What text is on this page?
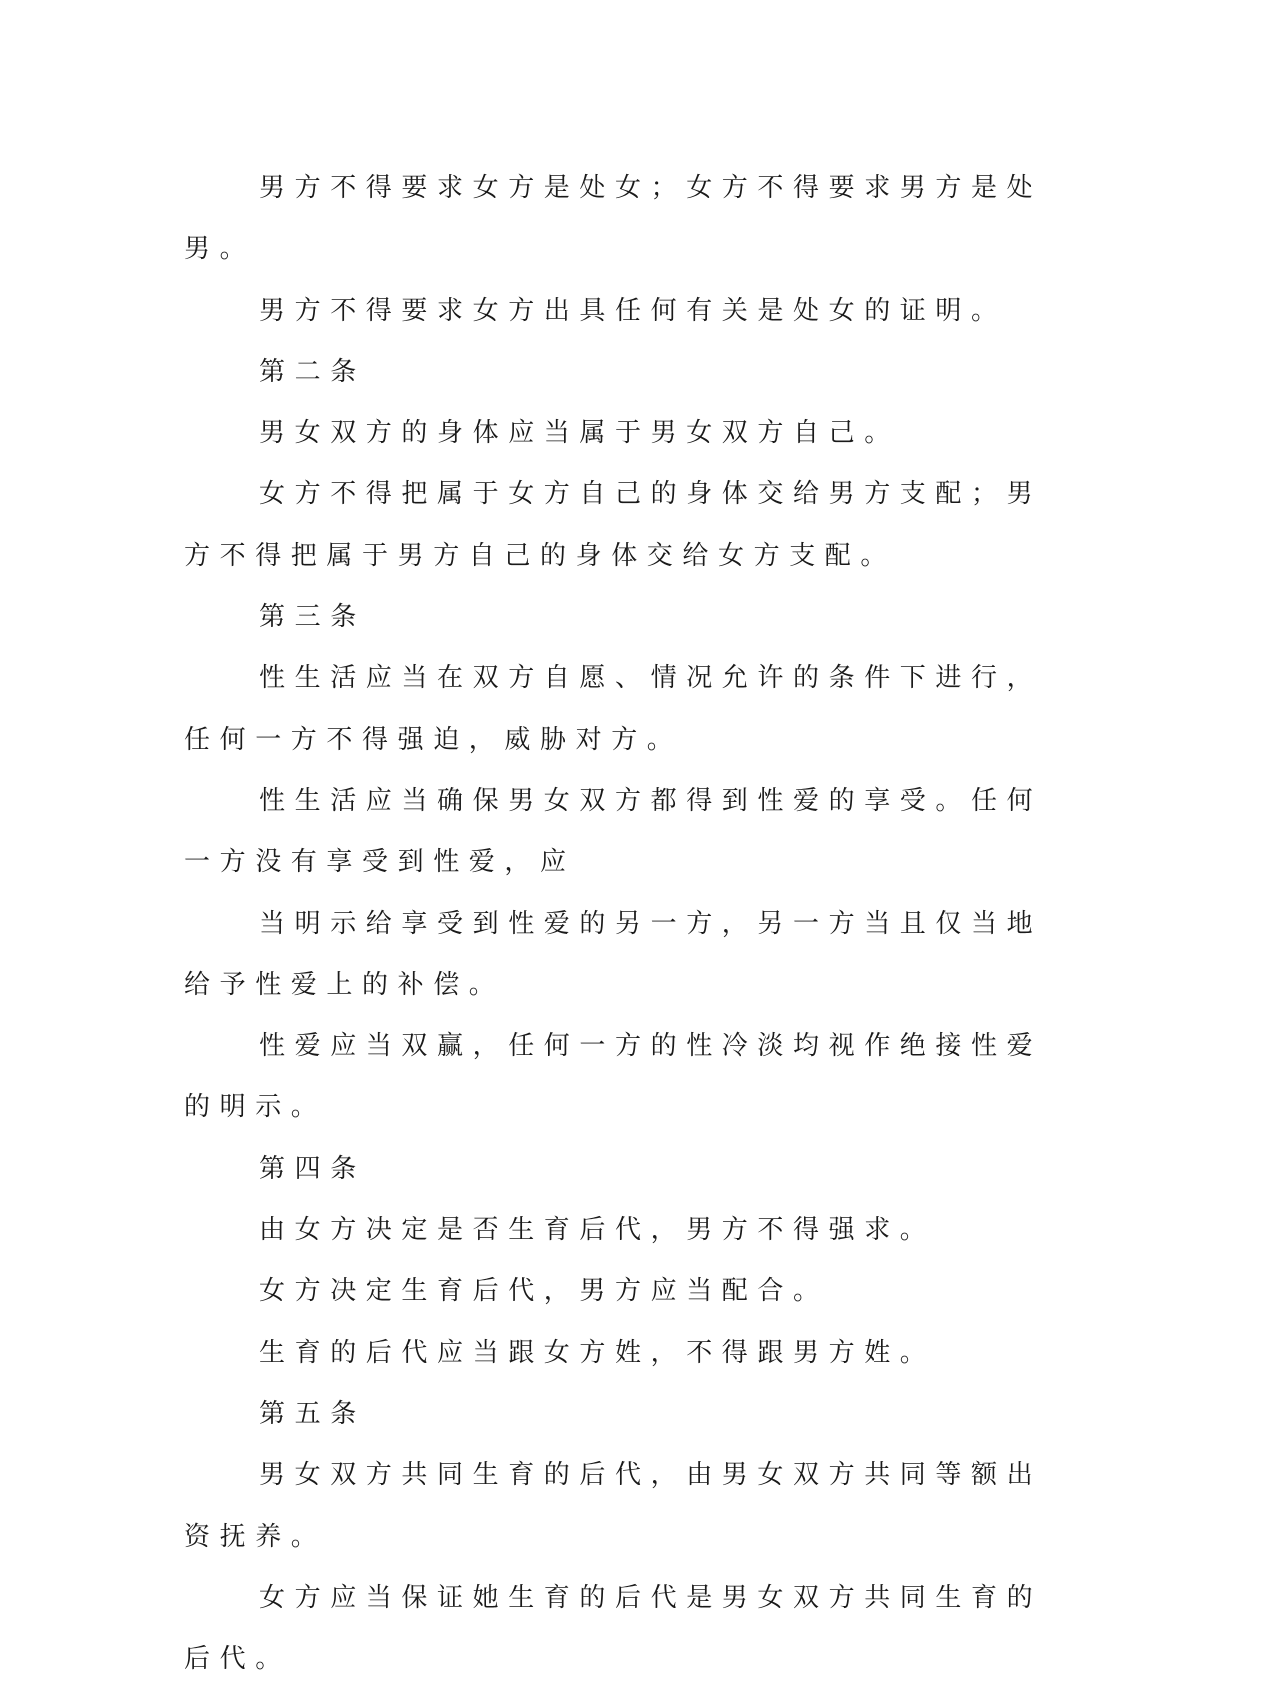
男方不得要求女方是处女；女方不得要求男方是处男。

男方不得要求女方出具任何有关是处女的证明。

第二条

男女双方的身体应当属于男女双方自己。

女方不得把属于女方自己的身体交给男方支配；男方不得把属于男方自己的身体交给女方支配。

第三条

性生活应当在双方自愿、情况允许的条件下进行，任何一方不得强迫，威胁对方。

性生活应当确保男女双方都得到性爱的享受。任何一方没有享受到性爱，应

当明示给享受到性爱的另一方，另一方当且仅当地给予性爱上的补偿。

性爱应当双赢，任何一方的性冷淡均视作绝接性爱的明示。

第四条

由女方决定是否生育后代，男方不得强求。

女方决定生育后代，男方应当配合。

生育的后代应当跟女方姓，不得跟男方姓。

第五条

男女双方共同生育的后代，由男女双方共同等额出资抚养。

女方应当保证她生育的后代是男女双方共同生育的后代。
